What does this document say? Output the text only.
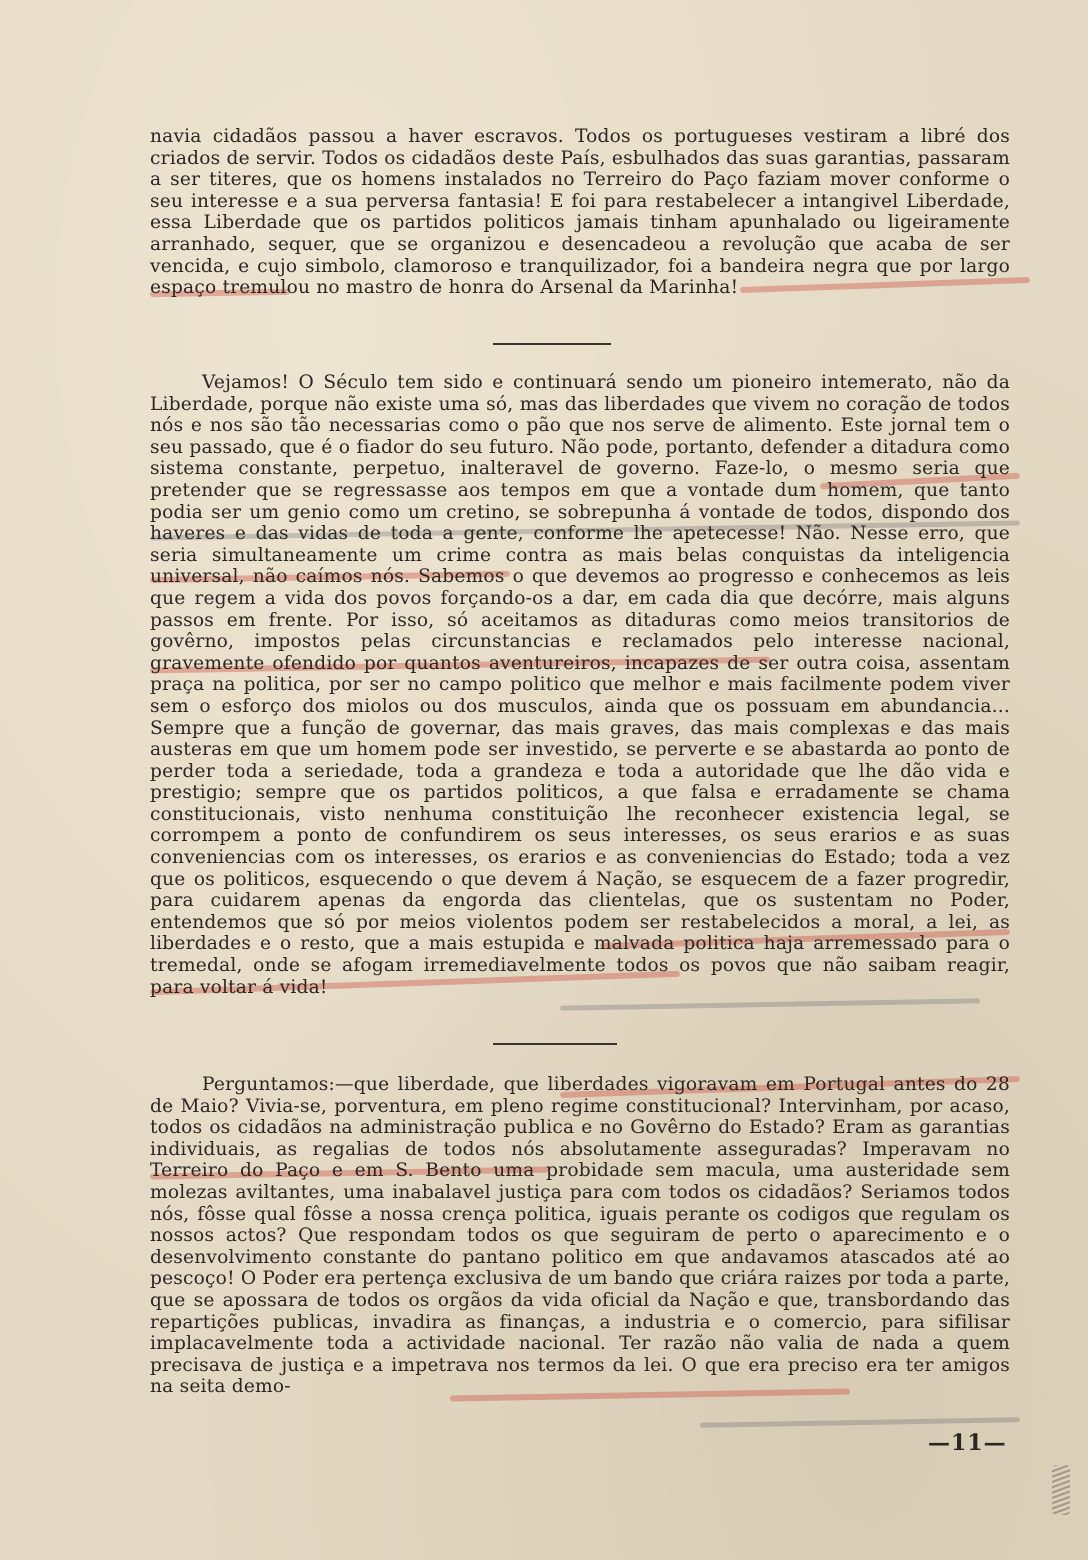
navia cidadãos passou a haver escravos. Todos os portugueses vestiram a libré dos criados de servir. Todos os cidadãos deste País, esbulhados das suas garantias, passaram a ser titeres, que os homens instalados no Terreiro do Paço faziam mover conforme o seu interesse e a sua perversa fantasia! E foi para restabelecer a intangivel Liberdade, essa Liberdade que os partidos politicos jamais tinham apunhalado ou ligeiramente arranhado, sequer, que se organizou e desencadeou a revolução que acaba de ser vencida, e cujo simbolo, clamoroso e tranquilizador, foi a bandeira negra que por largo espaço tremulou no mastro de honra do Arsenal da Marinha!

Vejamos! O Século tem sido e continuará sendo um pioneiro intemerato, não da Liberdade, porque não existe uma só, mas das liberdades que vivem no coração de todos nós e nos são tão necessarias como o pão que nos serve de alimento. Este jornal tem o seu passado, que é o fiador do seu futuro. Não pode, portanto, defender a ditadura como sistema constante, perpetuo, inalteravel de governo. Faze-lo, o mesmo seria que pretender que se regressasse aos tempos em que a vontade dum homem, que tanto podia ser um genio como um cretino, se sobrepunha á vontade de todos, dispondo dos haveres e das vidas de toda a gente, conforme lhe apetecesse! Não. Nesse erro, que seria simultaneamente um crime contra as mais belas conquistas da inteligencia universal, não caímos nós. Sabemos o que devemos ao progresso e conhecemos as leis que regem a vida dos povos forçando-os a dar, em cada dia que decórre, mais alguns passos em frente. Por isso, só aceitamos as ditaduras como meios transitorios de govêrno, impostos pelas circunstancias e reclamados pelo interesse nacional, gravemente ofendido por quantos aventureiros, incapazes de ser outra coisa, assentam praça na politica, por ser no campo politico que melhor e mais facilmente podem viver sem o esforço dos miolos ou dos musculos, ainda que os possuam em abundancia... Sempre que a função de governar, das mais graves, das mais complexas e das mais austeras em que um homem pode ser investido, se perverte e se abastarda ao ponto de perder toda a seriedade, toda a grandeza e toda a autoridade que lhe dão vida e prestigio; sempre que os partidos politicos, a que falsa e erradamente se chama constitucionais, visto nenhuma constituição lhe reconhecer existencia legal, se corrompem a ponto de confundirem os seus interesses, os seus erarios e as suas conveniencias com os interesses, os erarios e as conveniencias do Estado; toda a vez que os politicos, esquecendo o que devem á Nação, se esquecem de a fazer progredir, para cuidarem apenas da engorda das clientelas, que os sustentam no Poder, entendemos que só por meios violentos podem ser restabelecidos a moral, a lei, as liberdades e o resto, que a mais estupida e malvada politica haja arremessado para o tremedal, onde se afogam irremediavelmente todos os povos que não saibam reagir, para voltar á vida!

Perguntamos:—que liberdade, que liberdades vigoravam em Portugal antes do 28 de Maio? Vivia-se, porventura, em pleno regime constitucional? Intervinham, por acaso, todos os cidadãos na administração publica e no Govêrno do Estado? Eram as garantias individuais, as regalias de todos nós absolutamente asseguradas? Imperavam no Terreiro do Paço e em S. Bento uma probidade sem macula, uma austeridade sem molezas aviltantes, uma inabalavel justiça para com todos os cidadãos? Seriamos todos nós, fôsse qual fôsse a nossa crença politica, iguais perante os codigos que regulam os nossos actos? Que respondam todos os que seguiram de perto o aparecimento e o desenvolvimento constante do pantano politico em que andavamos atascados até ao pescoço! O Poder era pertença exclusiva de um bando que criára raizes por toda a parte, que se apossara de todos os orgãos da vida oficial da Nação e que, transbordando das repartições publicas, invadira as finanças, a industria e o comercio, para sifilisar implacavelmente toda a actividade nacional. Ter razão não valia de nada a quem precisava de justiça e a impetrava nos termos da lei. O que era preciso era ter amigos na seita demo-

—11—
